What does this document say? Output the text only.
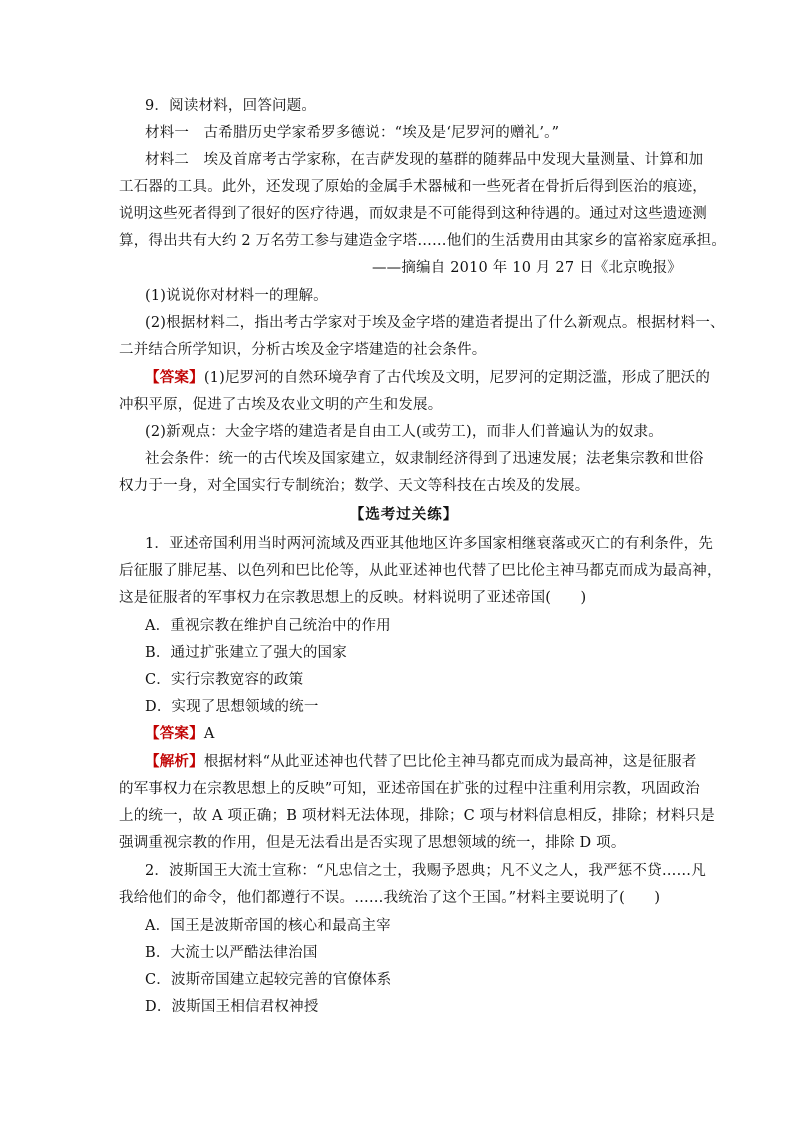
9．阅读材料，回答问题。
材料一 古希腊历史学家希罗多德说：“埃及是‘尼罗河的赠礼’。”
材料二 埃及首席考古学家称，在吉萨发现的墓群的随葬品中发现大量测量、计算和加
工石器的工具。此外，还发现了原始的金属手术器械和一些死者在骨折后得到医治的痕迹，
说明这些死者得到了很好的医疗待遇，而奴隶是不可能得到这种待遇的。通过对这些遗迹测
算，得出共有大约 2 万名劳工参与建造金字塔……他们的生活费用由其家乡的富裕家庭承担。
——摘编自 2010 年 10 月 27 日《北京晚报》
(1)说说你对材料一的理解。
(2)根据材料二，指出考古学家对于埃及金字塔的建造者提出了什么新观点。根据材料一、
二并结合所学知识，分析古埃及金字塔建造的社会条件。
【答案】(1)尼罗河的自然环境孕育了古代埃及文明，尼罗河的定期泛滥，形成了肥沃的
冲积平原，促进了古埃及农业文明的产生和发展。
(2)新观点：大金字塔的建造者是自由工人(或劳工)，而非人们普遍认为的奴隶。
社会条件：统一的古代埃及国家建立，奴隶制经济得到了迅速发展；法老集宗教和世俗
权力于一身，对全国实行专制统治；数学、天文等科技在古埃及的发展。
【选考过关练】
1．亚述帝国利用当时两河流域及西亚其他地区许多国家相继衰落或灭亡的有利条件，先
后征服了腓尼基、以色列和巴比伦等，从此亚述神也代替了巴比伦主神马都克而成为最高神，
这是征服者的军事权力在宗教思想上的反映。材料说明了亚述帝国(　　)
A．重视宗教在维护自己统治中的作用
B．通过扩张建立了强大的国家
C．实行宗教宽容的政策
D．实现了思想领域的统一
【答案】A
【解析】根据材料“从此亚述神也代替了巴比伦主神马都克而成为最高神，这是征服者
的军事权力在宗教思想上的反映”可知，亚述帝国在扩张的过程中注重利用宗教，巩固政治
上的统一，故 A 项正确；B 项材料无法体现，排除；C 项与材料信息相反，排除；材料只是
强调重视宗教的作用，但是无法看出是否实现了思想领域的统一，排除 D 项。
2．波斯国王大流士宣称：“凡忠信之士，我赐予恩典；凡不义之人，我严惩不贷……凡
我给他们的命令，他们都遵行不误。……我统治了这个王国。”材料主要说明了(　　)
A．国王是波斯帝国的核心和最高主宰
B．大流士以严酷法律治国
C．波斯帝国建立起较完善的官僚体系
D．波斯国王相信君权神授
